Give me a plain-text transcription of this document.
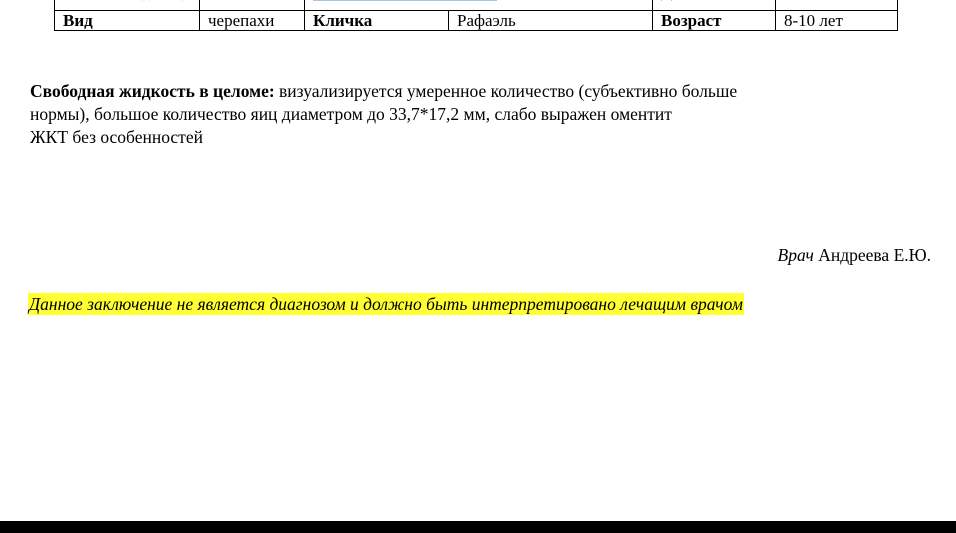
Вид	черепахи	Кличка	Рафаэль	Возраст	8-10 лет
Свободная жидкость в целоме: визуализируется умеренное количество (субъективно больше
нормы), большое количество яиц диаметром до 33,7*17,2 мм, слабо выражен оментит
ЖКТ без особенностей
Врач Андреева Е.Ю.
Данное заключение не является диагнозом и должно быть интерпретировано лечащим врачом
